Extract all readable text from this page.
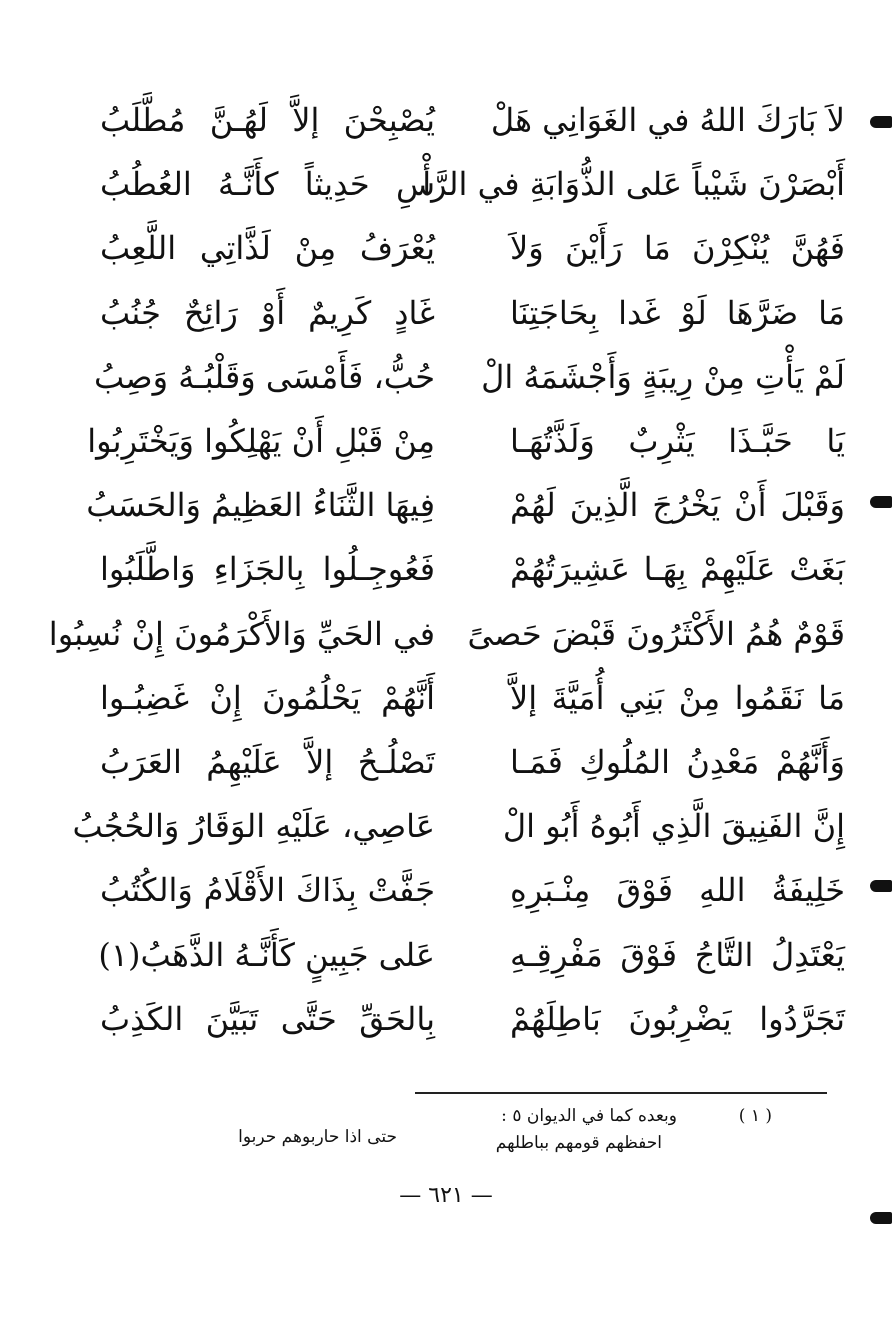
لاَ بَارَكَ اللهُ في الغَوَانِي هَلْ
يُصْبِحْنَ إلاَّ لَهُـنَّ مُطَّلَبُ
أَبْصَرْنَ شَيْباً عَلى الذُّوَابَةِ في الرَّأْ
سِ حَدِيثاً كأَنَّـهُ العُطُبُ
فَهُنَّ يُنْكِرْنَ مَا رَأَيْنَ وَلاَ
يُعْرَفُ مِنْ لَذَّاتِي اللَّعِبُ
مَا ضَرَّهَا لَوْ غَدا بِحَاجَتِنَا
غَادٍ كَرِيمٌ أَوْ رَائِحٌ جُنُبُ
لَمْ يَأْتِ مِنْ رِيبَةٍ وَأَجْشَمَهُ الْ
حُبُّ، فَأَمْسَى وَقَلْبُـهُ وَصِبُ
يَا حَبَّـذَا يَثْرِبٌ وَلَذَّتُهَـا
مِنْ قَبْلِ أَنْ يَهْلِكُوا وَيَخْتَرِبُوا
وَقَبْلَ أَنْ يَخْرُجَ الَّذِينَ لَهُمْ
فِيهَا الثَّنَاءُ العَظِيمُ وَالحَسَبُ
بَغَتْ عَلَيْهِمْ بِهَـا عَشِيرَتُهُمْ
فَعُوجِـلُوا بِالجَزَاءِ وَاطَّلَبُوا
قَوْمٌ هُمُ الأَكْثَرُونَ قَبْضَ حَصىً
في الحَيِّ وَالأَكْرَمُونَ إِنْ نُسِبُوا
مَا نَقَمُوا مِنْ بَنِي أُمَيَّةَ إلاَّ
أَنَّهُمْ يَحْلُمُونَ إِنْ غَضِبُـوا
وَأَنَّهُمْ مَعْدِنُ المُلُوكِ فَمَـا
تَصْلُـحُ إلاَّ عَلَيْهِمُ العَرَبُ
إِنَّ الفَنِيقَ الَّذِي أَبُوهُ أَبُو الْ
عَاصِي، عَلَيْهِ الوَقَارُ وَالحُجُبُ
خَلِيفَةُ اللهِ فَوْقَ مِنْـبَرِهِ
جَفَّتْ بِذَاكَ الأَقْلَامُ وَالكُتُبُ
يَعْتَدِلُ التَّاجُ فَوْقَ مَفْرِقِـهِ
عَلى جَبِينٍ كَأَنَّـهُ الذَّهَبُ(١)
تَجَرَّدُوا يَضْرِبُونَ بَاطِلَهُمْ
بِالحَقِّ حَتَّى تَبَيَّنَ الكَذِبُ
( ١ )
وبعده كما في الديوان ٥ :
احفظهم قومهم بباطلهم
حتى اذا حاربوهم حربوا
— ٦٢١ —
